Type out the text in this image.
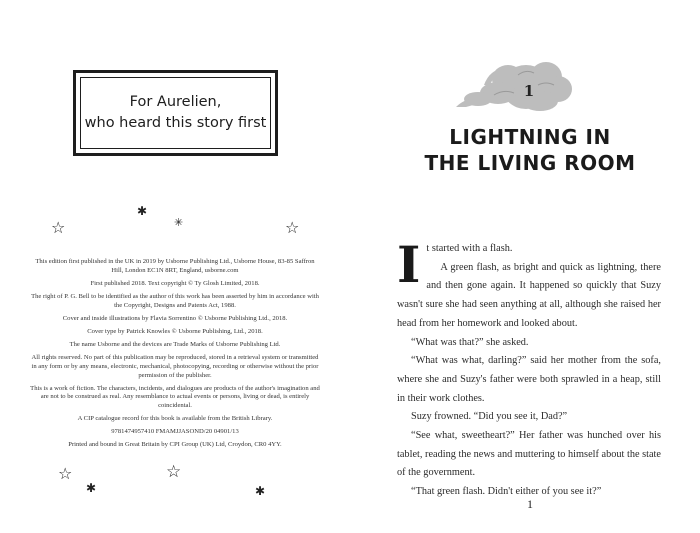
For Aurelien,
who heard this story first
☆
✱
✳	☆
☆	☆
✱	✱

This edition first published in the UK in 2019 by Usborne Publishing Ltd., Usborne House, 83-85 Saffron Hill, London EC1N 8RT, England, usborne.com

First published 2018. Text copyright © Ty Glosh Limited, 2018.

The right of P. G. Bell to be identified as the author of this work has been asserted by him in accordance with the Copyright, Designs and Patents Act, 1988.

Cover and inside illustrations by Flavia Sorrentino © Usborne Publishing Ltd., 2018.

Cover type by Patrick Knowles © Usborne Publishing, Ltd., 2018.

The name Usborne and the devices are Trade Marks of Usborne Publishing Ltd.

All rights reserved. No part of this publication may be reproduced, stored in a retrieval system or transmitted in any form or by any means, electronic, mechanical, photocopying, recording or otherwise without the prior permission of the publisher.

This is a work of fiction. The characters, incidents, and dialogues are products of the author's imagination and are not to be construed as real. Any resemblance to actual events or persons, living or dead, is entirely coincidental.

A CIP catalogue record for this book is available from the British Library.

9781474957410 FMAMJJASOND/20 04901/13

Printed and bound in Great Britain by CPI Group (UK) Ltd, Croydon, CR0 4YY.

1
LIGHTNING IN
THE LIVING ROOM

It started with a flash.

A green flash, as bright and quick as lightning, there and then gone again. It happened so quickly that Suzy wasn't sure she had seen anything at all, although she raised her head from her homework and looked about.

“What was that?” she asked.

“What was what, darling?” said her mother from the sofa, where she and Suzy's father were both sprawled in a heap, still in their work clothes.

Suzy frowned. “Did you see it, Dad?”

“See what, sweetheart?” Her father was hunched over his tablet, reading the news and muttering to himself about the state of the government.

“That green flash. Didn't either of you see it?”

1
